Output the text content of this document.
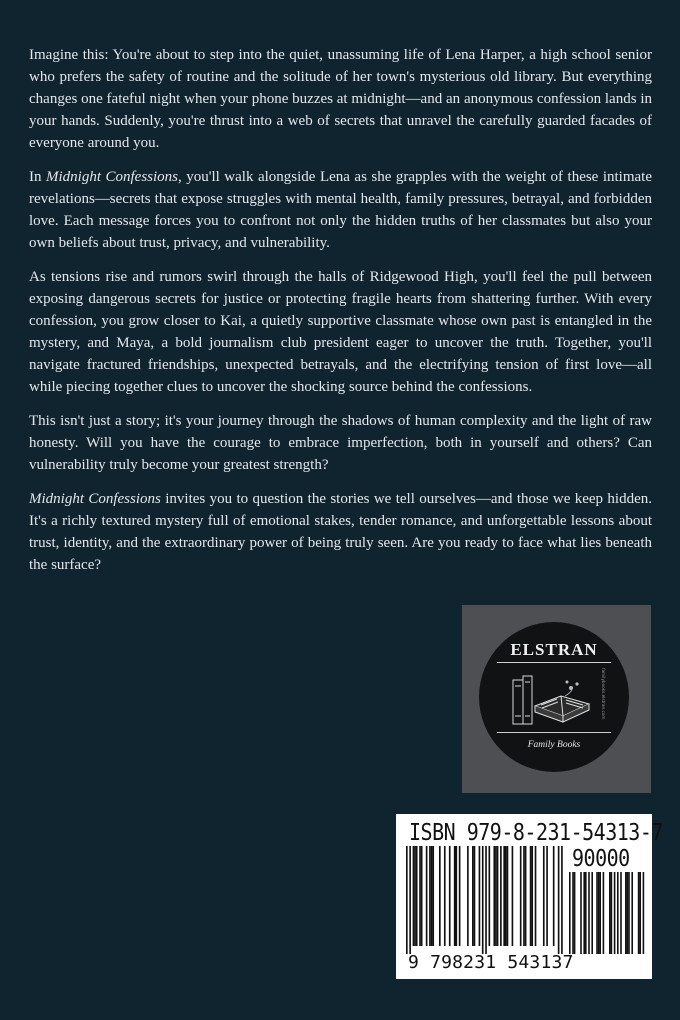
Imagine this: You're about to step into the quiet, unassuming life of Lena Harper, a high school senior who prefers the safety of routine and the solitude of her town's mysterious old library. But everything changes one fateful night when your phone buzzes at midnight—and an anonymous confession lands in your hands. Suddenly, you're thrust into a web of secrets that unravel the carefully guarded facades of everyone around you.

In Midnight Confessions, you'll walk alongside Lena as she grapples with the weight of these intimate revelations—secrets that expose struggles with mental health, family pressures, betrayal, and forbidden love. Each message forces you to confront not only the hidden truths of her classmates but also your own beliefs about trust, privacy, and vulnerability.

As tensions rise and rumors swirl through the halls of Ridgewood High, you'll feel the pull between exposing dangerous secrets for justice or protecting fragile hearts from shattering further. With every confession, you grow closer to Kai, a quietly supportive classmate whose own past is entangled in the mystery, and Maya, a bold journalism club president eager to uncover the truth. Together, you'll navigate fractured friendships, unexpected betrayals, and the electrifying tension of first love—all while piecing together clues to uncover the shocking source behind the confessions.

This isn't just a story; it's your journey through the shadows of human complexity and the light of raw honesty. Will you have the courage to embrace imperfection, both in yourself and others? Can vulnerability truly become your greatest strength?

Midnight Confessions invites you to question the stories we tell ourselves—and those we keep hidden. It's a richly textured mystery full of emotional stakes, tender romance, and unforgettable lessons about trust, identity, and the extraordinary power of being truly seen. Are you ready to face what lies beneath the surface?

ELSTRAN
familybooks.elstran.com
Family Books
ISBN 979-8-231-54313-7
90000
9 798231 543137
